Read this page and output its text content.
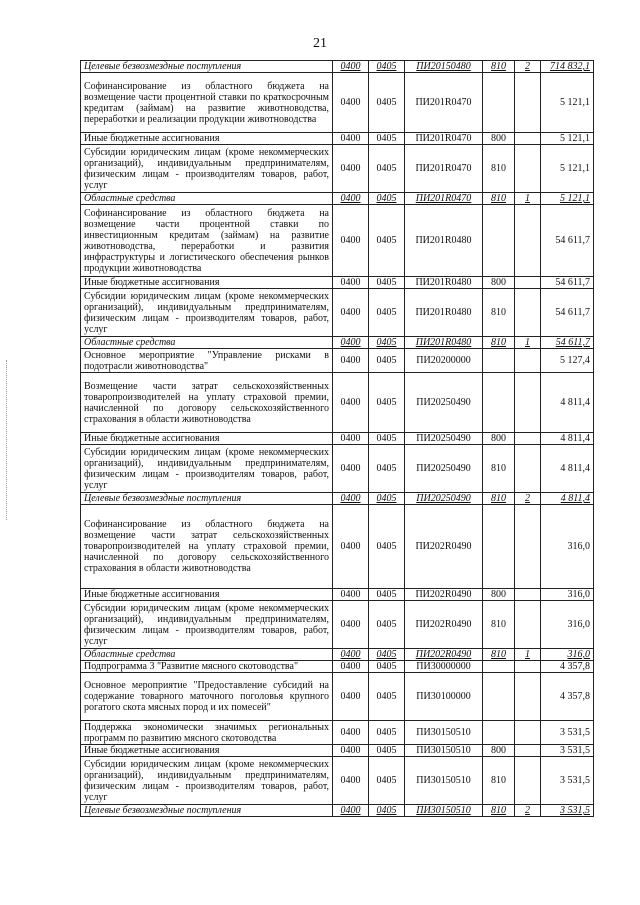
21
Целевые безвозмездные поступления	0400	0405	ПИ20150480	810	2	714 832,1
Софинансирование из областного бюджета на возмещение части процентной ставки по краткосрочным кредитам (займам) на развитие животноводства, переработки и реализации продукции животноводства	0400	0405	ПИ201R0470			5 121,1
Иные бюджетные ассигнования	0400	0405	ПИ201R0470	800		5 121,1
Субсидии юридическим лицам (кроме некоммерческих организаций), индивидуальным предпринимателям, физическим лицам - производителям товаров, работ, услуг	0400	0405	ПИ201R0470	810		5 121,1
Областные средства	0400	0405	ПИ201R0470	810	1	5 121,1
Софинансирование из областного бюджета на возмещение части процентной ставки по инвестиционным кредитам (займам) на развитие животноводства, переработки и развития инфраструктуры и логистического обеспечения рынков продукции животноводства	0400	0405	ПИ201R0480			54 611,7
Иные бюджетные ассигнования	0400	0405	ПИ201R0480	800		54 611,7
Субсидии юридическим лицам (кроме некоммерческих организаций), индивидуальным предпринимателям, физическим лицам - производителям товаров, работ, услуг	0400	0405	ПИ201R0480	810		54 611,7
Областные средства	0400	0405	ПИ201R0480	810	1	54 611,7
Основное мероприятие "Управление рисками в подотрасли животноводства"	0400	0405	ПИ20200000			5 127,4
Возмещение части затрат сельскохозяйственных товаропроизводителей на уплату страховой премии, начисленной по договору сельскохозяйственного страхования в области животноводства	0400	0405	ПИ20250490			4 811,4
Иные бюджетные ассигнования	0400	0405	ПИ20250490	800		4 811,4
Субсидии юридическим лицам (кроме некоммерческих организаций), индивидуальным предпринимателям, физическим лицам - производителям товаров, работ, услуг	0400	0405	ПИ20250490	810		4 811,4
Целевые безвозмездные поступления	0400	0405	ПИ20250490	810	2	4 811,4
Софинансирование из областного бюджета на возмещение части затрат сельскохозяйственных товаропроизводителей на уплату страховой премии, начисленной по договору сельскохозяйственного страхования в области животноводства	0400	0405	ПИ202R0490			316,0
Иные бюджетные ассигнования	0400	0405	ПИ202R0490	800		316,0
Субсидии юридическим лицам (кроме некоммерческих организаций), индивидуальным предпринимателям, физическим лицам - производителям товаров, работ, услуг	0400	0405	ПИ202R0490	810		316,0
Областные средства	0400	0405	ПИ202R0490	810	1	316,0
Подпрограмма 3 "Развитие мясного скотоводства"	0400	0405	ПИ30000000			4 357,8
Основное мероприятие "Предоставление субсидий на содержание товарного маточного поголовья крупного рогатого скота мясных пород и их помесей"	0400	0405	ПИ30100000			4 357,8
Поддержка экономически значимых региональных программ по развитию мясного скотоводства	0400	0405	ПИ30150510			3 531,5
Иные бюджетные ассигнования	0400	0405	ПИ30150510	800		3 531,5
Субсидии юридическим лицам (кроме некоммерческих организаций), индивидуальным предпринимателям, физическим лицам - производителям товаров, работ, услуг	0400	0405	ПИ30150510	810		3 531,5
Целевые безвозмездные поступления	0400	0405	ПИ30150510	810	2	3 531,5
